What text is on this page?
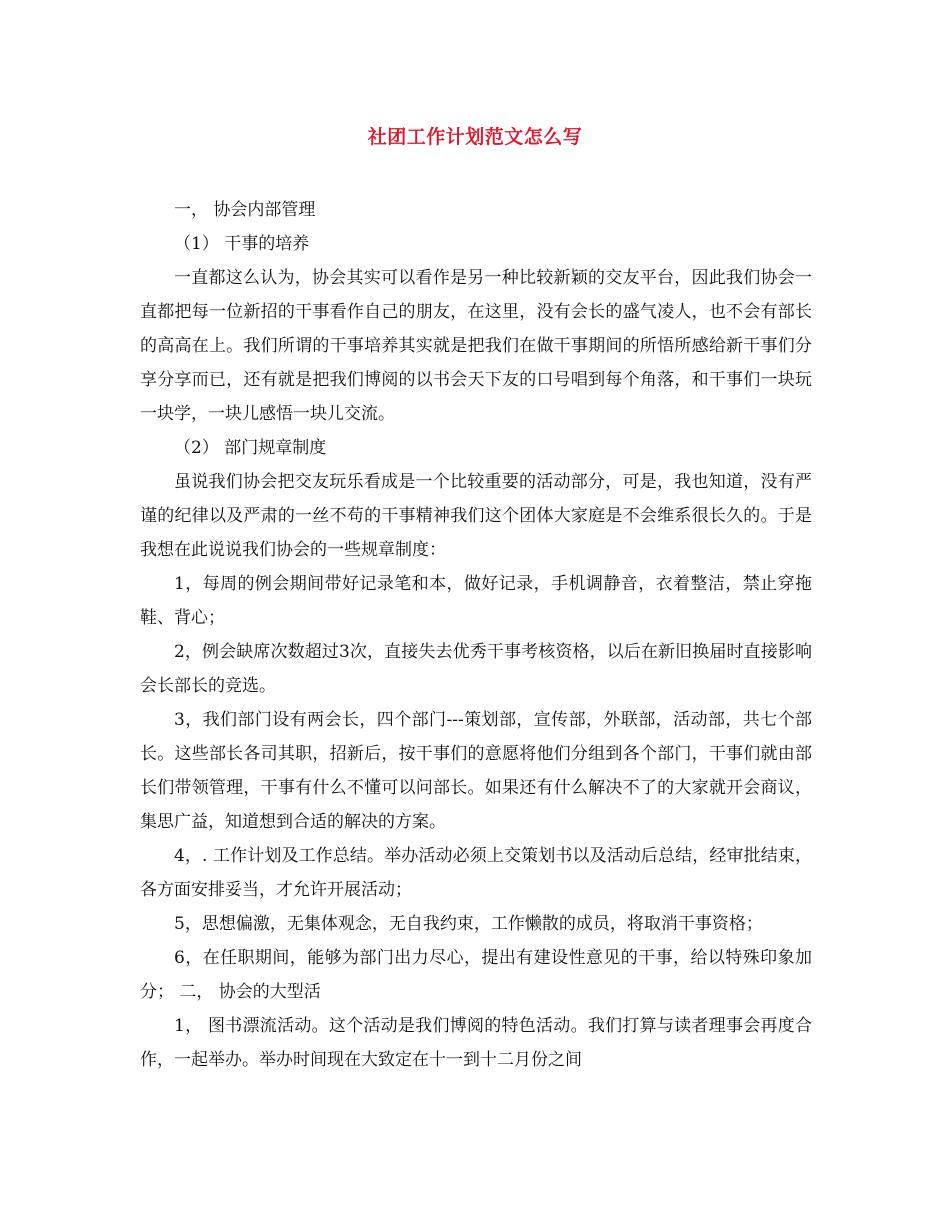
社团工作计划范文怎么写

一， 协会内部管理

（1） 干事的培养

一直都这么认为，协会其实可以看作是另一种比较新颖的交友平台，因此我们协会一直都把每一位新招的干事看作自己的朋友，在这里，没有会长的盛气凌人，也不会有部长的高高在上。我们所谓的干事培养其实就是把我们在做干事期间的所悟所感给新干事们分享分享而已，还有就是把我们博阅的以书会天下友的口号唱到每个角落，和干事们一块玩一块学，一块儿感悟一块儿交流。

（2） 部门规章制度

虽说我们协会把交友玩乐看成是一个比较重要的活动部分，可是，我也知道，没有严谨的纪律以及严肃的一丝不苟的干事精神我们这个团体大家庭是不会维系很长久的。于是我想在此说说我们协会的一些规章制度：

1，每周的例会期间带好记录笔和本，做好记录，手机调静音，衣着整洁，禁止穿拖鞋、背心；

2，例会缺席次数超过3次，直接失去优秀干事考核资格，以后在新旧换届时直接影响会长部长的竞选。

3，我们部门设有两会长，四个部门---策划部，宣传部，外联部，活动部，共七个部长。这些部长各司其职，招新后，按干事们的意愿将他们分组到各个部门，干事们就由部长们带领管理，干事有什么不懂可以问部长。如果还有什么解决不了的大家就开会商议，集思广益，知道想到合适的解决的方案。

4，. 工作计划及工作总结。举办活动必须上交策划书以及活动后总结，经审批结束，各方面安排妥当，才允许开展活动；

5，思想偏激，无集体观念，无自我约束，工作懒散的成员，将取消干事资格；

6，在任职期间，能够为部门出力尽心，提出有建设性意见的干事，给以特殊印象加分； 二， 协会的大型活

1， 图书漂流活动。这个活动是我们博阅的特色活动。我们打算与读者理事会再度合作，一起举办。举办时间现在大致定在十一到十二月份之间
